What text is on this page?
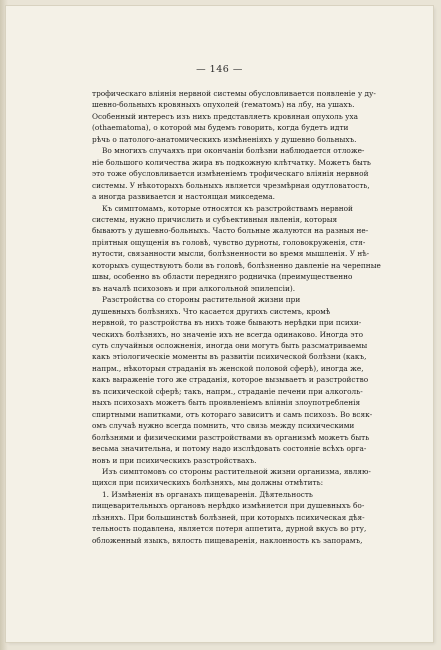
— 146 —
трофическаго вліянія нервной системы обусловливается появленіе у ду-
шевно-больныхъ кровяныхъ опухолей (гематомъ) на лбу, на ушахъ.
Особенный интересъ изъ нихъ представляетъ кровяная опухоль уха
(othaematoma), о которой мы будемъ говорить, когда будетъ идти
рѣчь о патолого-анатомическихъ измѣненіяхъ у душевно больныхъ.
Во многихъ случаяхъ при окончаніи болѣзни наблюдается отложе-
ніе большого количества жира въ подкожную клѣтчатку. Можетъ быть
это тоже обусловливается измѣненіемъ трофическаго вліянія нервной
системы. У нѣкоторыхъ больныхъ является чрезмѣрная одутловатость,
а иногда развивается и настоящая микседема.
Къ симптомамъ, которые относятся къ разстройствамъ нервной
системы, нужно причислить и субъективныя явленія, которыя
бываютъ у душевно-больныхъ. Часто больные жалуются на разныя не-
пріятныя ощущенія въ головѣ, чувство дурноты, головокруженія, стя-
нутости, связанности мысли, болѣзненности во время мышленія. У нѣ-
которыхъ существуютъ боли въ головѣ, болѣзненно давленіе на черепные
швы, особенно въ области передняго родничка (преимущественно
въ началѣ психозовъ и при алкогольной эпилепсіи).
Разстройства со стороны растительной жизни при
душевныхъ болѣзняхъ. Что касается другихъ системъ, кромѣ
нервной, то разстройства въ нихъ тоже бываютъ нерѣдки при психи-
ческихъ болѣзняхъ, но значеніе ихъ не всегда одинаково. Иногда это
суть случайныя осложненія, иногда они могутъ быть разсматриваемы
какъ этіологическіе моменты въ развитіи психической болѣзни (какъ,
напрм., нѣкоторыя страданія въ женской половой сферѣ), иногда же,
какъ выраженіе того же страданія, которое вызываетъ и разстройство
въ психической сферѣ; такъ, напрм., страданіе печени при алкоголь-
ныхъ психозахъ можетъ быть проявленіемъ вліянія злоупотребленія
спиртными напитками, отъ котораго зависитъ и самъ психозъ. Во всяк-
омъ случаѣ нужно всегда помнить, что связь между психическими
болѣзнями и физическими разстройствами въ организмѣ можетъ быть
весьма значительна, и потому надо изслѣдовать состояніе всѣхъ орга-
новъ и при психическихъ разстройствахъ.
Изъ симптомовъ со стороны растительной жизни организма, являю-
щихся при психическихъ болѣзняхъ, мы должны отмѣтить:
1. Измѣненія въ органахъ пищеваренія. Дѣятельность
пищеварительныхъ органовъ нерѣдко измѣняется при душевныхъ бо-
лѣзняхъ. При большинствѣ болѣзней, при которыхъ психическая дѣя-
тельность подавлена, является потеря аппетита, дурной вкусъ во рту,
обложенный языкъ, вялость пищеваренія, наклонность къ запорамъ,
